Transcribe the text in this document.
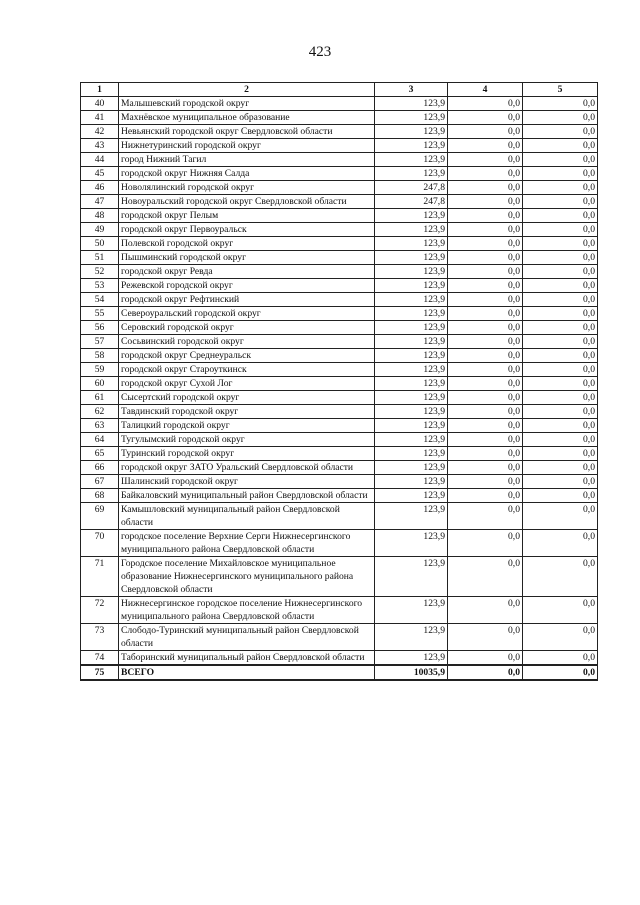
423
1	2	3	4	5
40	Малышевский городской округ	123,9	0,0	0,0
41	Махнёвское муниципальное образование	123,9	0,0	0,0
42	Невьянский городской округ Свердловской области	123,9	0,0	0,0
43	Нижнетуринский городской округ	123,9	0,0	0,0
44	город Нижний Тагил	123,9	0,0	0,0
45	городской округ Нижняя Салда	123,9	0,0	0,0
46	Новолялинский городской округ	247,8	0,0	0,0
47	Новоуральский городской округ Свердловской области	247,8	0,0	0,0
48	городской округ Пелым	123,9	0,0	0,0
49	городской округ Первоуральск	123,9	0,0	0,0
50	Полевской городской округ	123,9	0,0	0,0
51	Пышминский городской округ	123,9	0,0	0,0
52	городской округ Ревда	123,9	0,0	0,0
53	Режевской городской округ	123,9	0,0	0,0
54	городской округ Рефтинский	123,9	0,0	0,0
55	Североуральский городской округ	123,9	0,0	0,0
56	Серовский городской округ	123,9	0,0	0,0
57	Сосьвинский городской округ	123,9	0,0	0,0
58	городской округ Среднеуральск	123,9	0,0	0,0
59	городской округ Староуткинск	123,9	0,0	0,0
60	городской округ Сухой Лог	123,9	0,0	0,0
61	Сысертский городской округ	123,9	0,0	0,0
62	Тавдинский городской округ	123,9	0,0	0,0
63	Талицкий городской округ	123,9	0,0	0,0
64	Тугулымский городской округ	123,9	0,0	0,0
65	Туринский городской округ	123,9	0,0	0,0
66	городской округ ЗАТО Уральский Свердловской области	123,9	0,0	0,0
67	Шалинский городской округ	123,9	0,0	0,0
68	Байкаловский муниципальный район Свердловской области	123,9	0,0	0,0
69	Камышловский муниципальный район Свердловской области	123,9	0,0	0,0
70	городское поселение Верхние Серги Нижнесергинского муниципального района Свердловской области	123,9	0,0	0,0
71	Городское поселение Михайловское муниципальное образование Нижнесергинского муниципального района Свердловской области	123,9	0,0	0,0
72	Нижнесергинское городское поселение Нижнесергинского муниципального района Свердловской области	123,9	0,0	0,0
73	Слободо-Туринский муниципальный район Свердловской области	123,9	0,0	0,0
74	Таборинский муниципальный район Свердловской области	123,9	0,0	0,0
75	ВСЕГО	10035,9	0,0	0,0
